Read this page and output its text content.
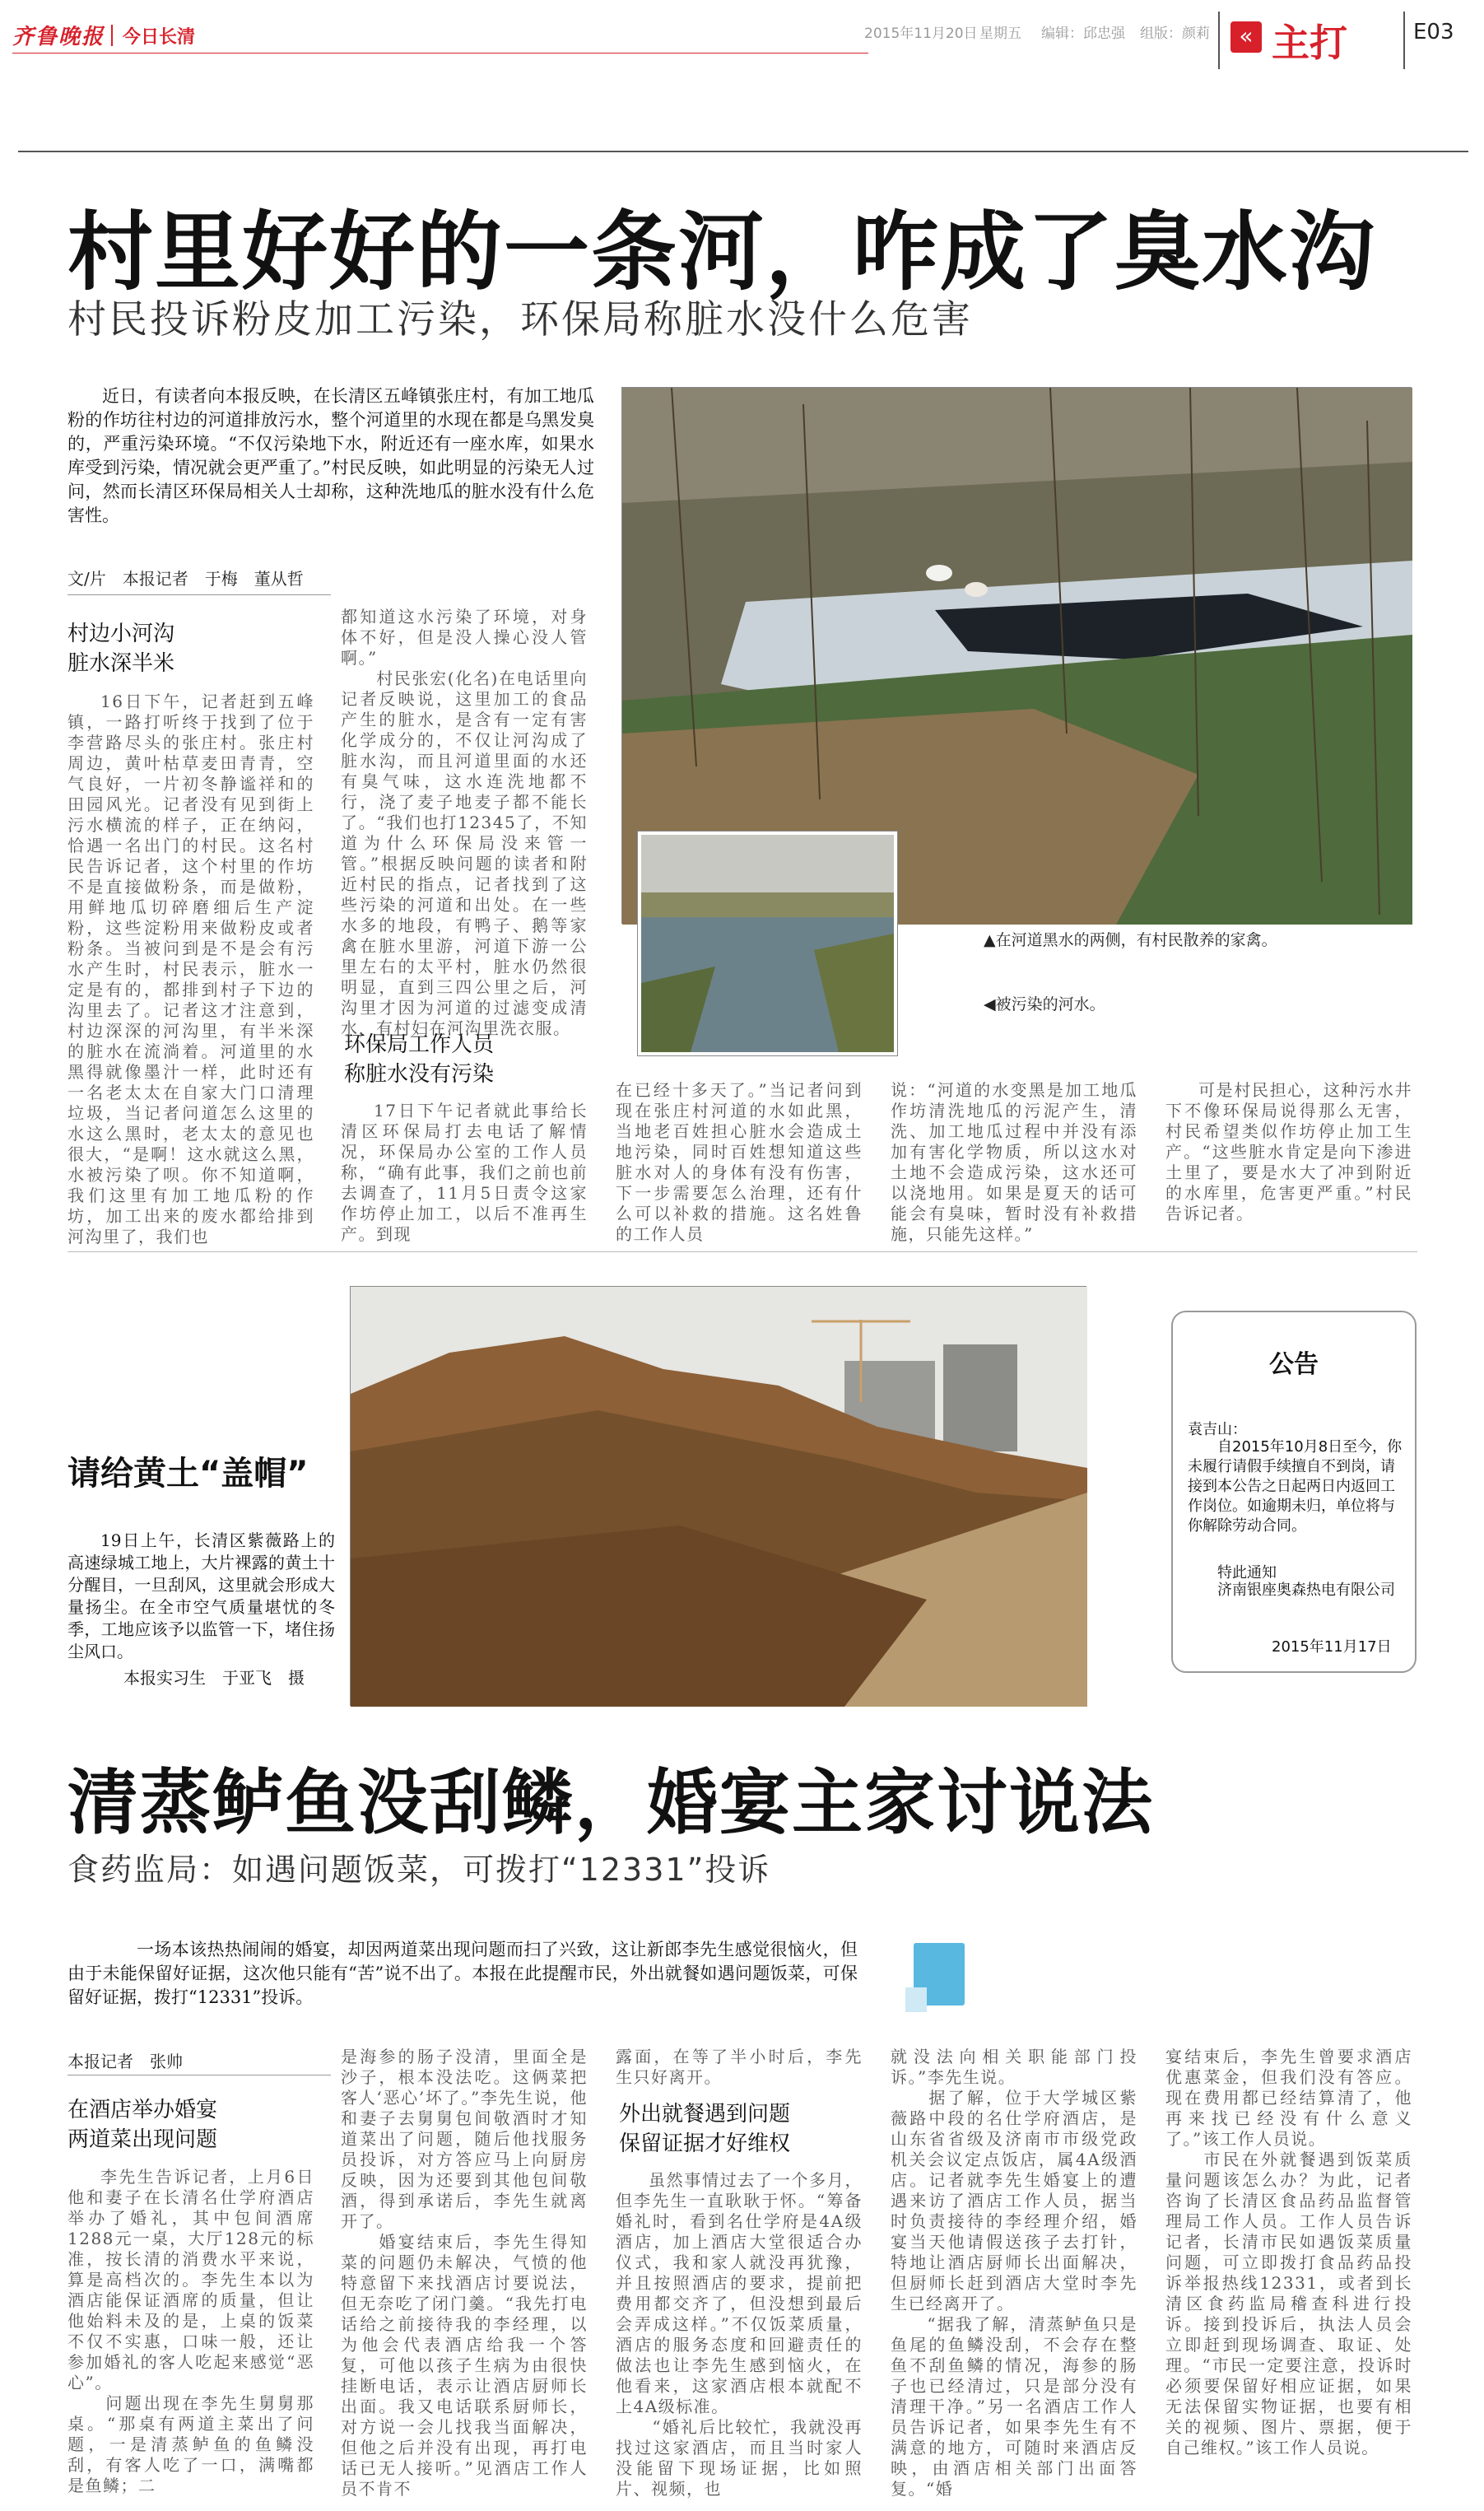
齐鲁晚报 今日长清	2015年11月20日 星期五 编辑：邱忠强 组版：颜莉	« 主打	E03
村里好好的一条河，咋成了臭水沟
村民投诉粉皮加工污染，环保局称脏水没什么危害
近日，有读者向本报反映，在长清区五峰镇张庄村，有加工地瓜粉的作坊往村边的河道排放污水，整个河道里的水现在都是乌黑发臭的，严重污染环境。“不仅污染地下水，附近还有一座水库，如果水库受到污染，情况就会更严重了。”村民反映，如此明显的污染无人过问，然而长清区环保局相关人士却称，这种洗地瓜的脏水没有什么危害性。
文/片　本报记者　于梅　董从哲
村边小河沟
脏水深半米
16日下午，记者赶到五峰镇，一路打听终于找到了位于李营路尽头的张庄村。张庄村周边，黄叶枯草麦田青青，空气良好，一片初冬静谧祥和的田园风光。记者没有见到街上污水横流的样子，正在纳闷，恰遇一名出门的村民。这名村民告诉记者，这个村里的作坊不是直接做粉条，而是做粉，用鲜地瓜切碎磨细后生产淀粉，这些淀粉用来做粉皮或者粉条。当被问到是不是会有污水产生时，村民表示，脏水一定是有的，都排到村子下边的沟里去了。记者这才注意到，村边深深的河沟里，有半米深的脏水在流淌着。河道里的水黑得就像墨汁一样，此时还有一名老太太在自家大门口清理垃圾，当记者问道怎么这里的水这么黑时，老太太的意见也很大，“是啊！这水就这么黑，水被污染了呗。你不知道啊，我们这里有加工地瓜粉的作坊，加工出来的废水都给排到河沟里了，我们也
都知道这水污染了环境，对身体不好，但是没人操心没人管啊。”
　　村民张宏(化名)在电话里向记者反映说，这里加工的食品产生的脏水，是含有一定有害化学成分的，不仅让河沟成了脏水沟，而且河道里面的水还有臭气味，这水连洗地都不行，浇了麦子地麦子都不能长了。“我们也打12345了，不知道为什么环保局没来管一管。”根据反映问题的读者和附近村民的指点，记者找到了这些污染的河道和出处。在一些水多的地段，有鸭子、鹅等家禽在脏水里游，河道下游一公里左右的太平村，脏水仍然很明显，直到三四公里之后，河沟里才因为河道的过滤变成清水，有村妇在河沟里洗衣服。
环保局工作人员
称脏水没有污染
17日下午记者就此事给长清区环保局打去电话了解情况，环保局办公室的工作人员称，“确有此事，我们之前也前去调查了，11月5日责令这家作坊停止加工，以后不准再生产。到现
▲在河道黑水的两侧，有村民散养的家禽。
◀被污染的河水。
在已经十多天了。”当记者问到现在张庄村河道的水如此黑，当地老百姓担心脏水会造成土地污染，同时百姓想知道这些脏水对人的身体有没有伤害，下一步需要怎么治理，还有什么可以补救的措施。这名姓鲁的工作人员
说：“河道的水变黑是加工地瓜作坊清洗地瓜的污泥产生，清洗、加工地瓜过程中并没有添加有害化学物质，所以这水对土地不会造成污染，这水还可以浇地用。如果是夏天的话可能会有臭味，暂时没有补救措施，只能先这样。”
可是村民担心，这种污水井下不像环保局说得那么无害，村民希望类似作坊停止加工生产。“这些脏水肯定是向下渗进土里了，要是水大了冲到附近的水库里，危害更严重。”村民告诉记者。
请给黄土“盖帽”
19日上午，长清区紫薇路上的高速绿城工地上，大片裸露的黄土十分醒目，一旦刮风，这里就会形成大量扬尘。在全市空气质量堪忧的冬季，工地应该予以监管一下，堵住扬尘风口。
本报实习生　于亚飞　摄
公告
袁吉山：
自2015年10月8日至今，你未履行请假手续擅自不到岗，请接到本公告之日起两日内返回工作岗位。如逾期未归，单位将与你解除劳动合同。
特此通知
济南银座奥森热电有限公司
2015年11月17日
清蒸鲈鱼没刮鳞，婚宴主家讨说法
食药监局：如遇问题饭菜，可拨打“12331”投诉
一场本该热热闹闹的婚宴，却因两道菜出现问题而扫了兴致，这让新郎李先生感觉很恼火，但由于未能保留好证据，这次他只能有“苦”说不出了。本报在此提醒市民，外出就餐如遇问题饭菜，可保留好证据，拨打“12331”投诉。
本报记者　张帅
在酒店举办婚宴
两道菜出现问题
李先生告诉记者，上月6日他和妻子在长清名仕学府酒店举办了婚礼，其中包间酒席1288元一桌，大厅128元的标准，按长清的消费水平来说，算是高档次的。李先生本以为酒店能保证酒席的质量，但让他始料未及的是，上桌的饭菜不仅不实惠，口味一般，还让参加婚礼的客人吃起来感觉“恶心”。
　　问题出现在李先生舅舅那桌。“那桌有两道主菜出了问题，一是清蒸鲈鱼的鱼鳞没刮，有客人吃了一口，满嘴都是鱼鳞；二
是海参的肠子没清，里面全是沙子，根本没法吃。这俩菜把客人‘恶心’坏了。”李先生说，他和妻子去舅舅包间敬酒时才知道菜出了问题，随后他找服务员投诉，对方答应马上向厨房反映，因为还要到其他包间敬酒，得到承诺后，李先生就离开了。
　　婚宴结束后，李先生得知菜的问题仍未解决，气愤的他特意留下来找酒店讨要说法，但无奈吃了闭门羹。“我先打电话给之前接待我的李经理，以为他会代表酒店给我一个答复，可他以孩子生病为由很快挂断电话，表示让酒店厨师长出面。我又电话联系厨师长，对方说一会儿找我当面解决，但他之后并没有出现，再打电话已无人接听。”见酒店工作人员不肯不
露面，在等了半小时后，李先生只好离开。
外出就餐遇到问题
保留证据才好维权
虽然事情过去了一个多月，但李先生一直耿耿于怀。“筹备婚礼时，看到名仕学府是4A级酒店，加上酒店大堂很适合办仪式，我和家人就没再犹豫，并且按照酒店的要求，提前把费用都交齐了，但没想到最后会弄成这样。”不仅饭菜质量，酒店的服务态度和回避责任的做法也让李先生感到恼火，在他看来，这家酒店根本就配不上4A级标准。
　　“婚礼后比较忙，我就没再找过这家酒店，而且当时家人没能留下现场证据，比如照片、视频，也
就没法向相关职能部门投诉。”李先生说。
　　据了解，位于大学城区紫薇路中段的名仕学府酒店，是山东省省级及济南市市级党政机关会议定点饭店，属4A级酒店。记者就李先生婚宴上的遭遇来访了酒店工作人员，据当时负责接待的李经理介绍，婚宴当天他请假送孩子去打针，特地让酒店厨师长出面解决，但厨师长赶到酒店大堂时李先生已经离开了。
　　“据我了解，清蒸鲈鱼只是鱼尾的鱼鳞没刮，不会存在整鱼不刮鱼鳞的情况，海参的肠子也已经清过，只是部分没有清理干净。”另一名酒店工作人员告诉记者，如果李先生有不满意的地方，可随时来酒店反映，由酒店相关部门出面答复。“婚
宴结束后，李先生曾要求酒店优惠菜金，但我们没有答应。现在费用都已经结算清了，他再来找已经没有什么意义了。”该工作人员说。
　　市民在外就餐遇到饭菜质量问题该怎么办？为此，记者咨询了长清区食品药品监督管理局工作人员。工作人员告诉记者，长清市民如遇饭菜质量问题，可立即拨打食品药品投诉举报热线12331，或者到长清区食药监局稽查科进行投诉。接到投诉后，执法人员会立即赶到现场调查、取证、处理。“市民一定要注意，投诉时必须要保留好相应证据，如果无法保留实物证据，也要有相关的视频、图片、票据，便于自己维权。”该工作人员说。
